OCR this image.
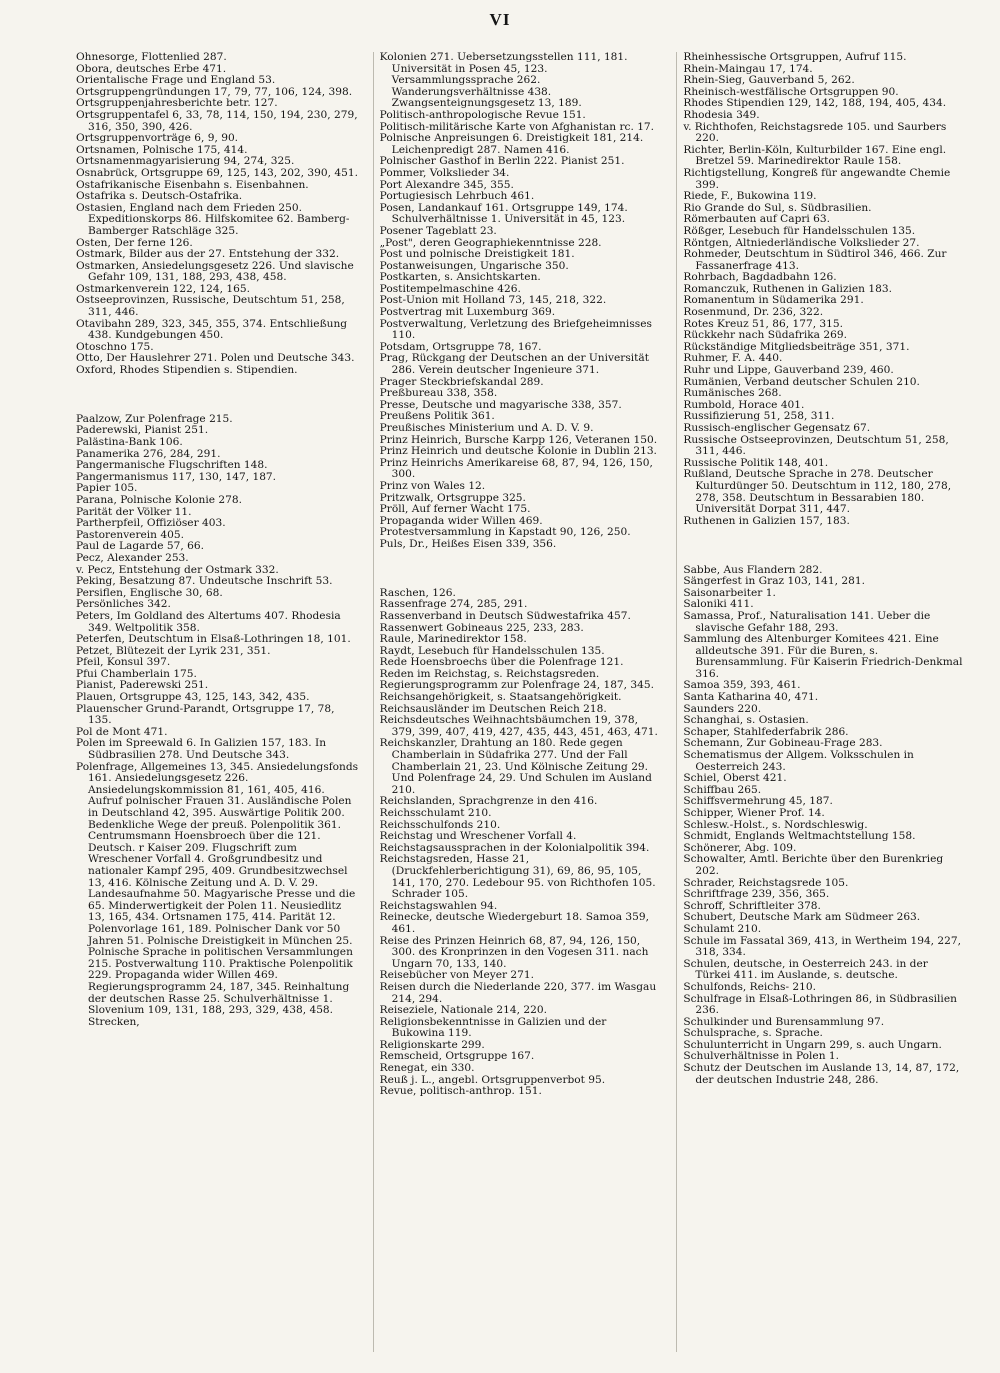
VI

Ohnesorge, Flottenlied 287.

Obora, deutsches Erbe 471.

Orientalische Frage und England 53.

Ortsgruppengründungen 17, 79, 77, 106, 124, 398.

Ortsgruppenjahresberichte betr. 127.

Ortsgruppentafel 6, 33, 78, 114, 150, 194, 230, 279, 316, 350, 390, 426.

Ortsgruppenvorträge 6, 9, 90.

Ortsnamen, Polnische 175, 414.

Ortsnamenmagyarisierung 94, 274, 325.

Osnabrück, Ortsgruppe 69, 125, 143, 202, 390, 451.

Ostafrikanische Eisenbahn s. Eisenbahnen.

Ostafrika s. Deutsch-Ostafrika.

Ostasien, England nach dem Frieden 250. Expeditionskorps 86. Hilfskomitee 62. Bamberg-Bamberger Ratschläge 325.

Osten, Der ferne 126.

Ostmark, Bilder aus der 27. Entstehung der 332.

Ostmarken, Ansiedelungsgesetz 226. Und slavische Gefahr 109, 131, 188, 293, 438, 458.

Ostmarkenverein 122, 124, 165.

Ostseeprovinzen, Russische, Deutschtum 51, 258, 311, 446.

Otavibahn 289, 323, 345, 355, 374. Entschließung 438. Kundgebungen 450.

Otoschno 175.

Otto, Der Hauslehrer 271. Polen und Deutsche 343.

Oxford, Rhodes Stipendien s. Stipendien.

Paalzow, Zur Polenfrage 215.

Paderewski, Pianist 251.

Palästina-Bank 106.

Panamerika 276, 284, 291.

Pangermanische Flugschriften 148.

Pangermanismus 117, 130, 147, 187.

Papier 105.

Parana, Polnische Kolonie 278.

Parität der Völker 11.

Partherpfeil, Offiziöser 403.

Pastorenverein 405.

Paul de Lagarde 57, 66.

Pecz, Alexander 253.

v. Pecz, Entstehung der Ostmark 332.

Peking, Besatzung 87. Undeutsche Inschrift 53.

Persiflen, Englische 30, 68.

Persönliches 342.

Peters, Im Goldland des Altertums 407. Rhodesia 349. Weltpolitik 358.

Peterfen, Deutschtum in Elsaß-Lothringen 18, 101.

Petzet, Blütezeit der Lyrik 231, 351.

Pfeil, Konsul 397.

Pfui Chamberlain 175.

Pianist, Paderewski 251.

Plauen, Ortsgruppe 43, 125, 143, 342, 435.

Plauenscher Grund-Parandt, Ortsgruppe 17, 78, 135.

Pol de Mont 471.

Polen im Spreewald 6. In Galizien 157, 183. In Südbrasilien 278. Und Deutsche 343.

Polenfrage, Allgemeines 13, 345. Ansiedelungsfonds 161. Ansiedelungsgesetz 226. Ansiedelungskommission 81, 161, 405, 416. Aufruf polnischer Frauen 31. Ausländische Polen in Deutschland 42, 395. Auswärtige Politik 200. Bedenkliche Wege der preuß. Polenpolitik 361. Centrumsmann Hoensbroech über die 121. Deutsch. r Kaiser 209. Flugschrift zum Wreschener Vorfall 4. Großgrundbesitz und nationaler Kampf 295, 409. Grundbesitzwechsel 13, 416. Kölnische Zeitung und A. D. V. 29. Landesaufnahme 50. Magyarische Presse und die 65. Minderwertigkeit der Polen 11. Neusiedlitz 13, 165, 434. Ortsnamen 175, 414. Parität 12. Polenvorlage 161, 189. Polnischer Dank vor 50 Jahren 51. Polnische Dreistigkeit in München 25. Polnische Sprache in politischen Versammlungen 215. Postverwaltung 110. Praktische Polenpolitik 229. Propaganda wider Willen 469. Regierungsprogramm 24, 187, 345. Reinhaltung der deutschen Rasse 25. Schulverhältnisse 1. Slovenium 109, 131, 188, 293, 329, 438, 458. Strecken,

Kolonien 271. Uebersetzungsstellen 111, 181. Universität in Posen 45, 123. Versammlungssprache 262. Wanderungsverhältnisse 438. Zwangsenteignungsgesetz 13, 189.

Politisch-anthropologische Revue 151.

Politisch-militärische Karte von Afghanistan rc. 17.

Polnische Anpreisungen 6. Dreistigkeit 181, 214. Leichenpredigt 287. Namen 416.

Polnischer Gasthof in Berlin 222. Pianist 251.

Pommer, Volkslieder 34.

Port Alexandre 345, 355.

Portugiesisch Lehrbuch 461.

Posen, Landankauf 161. Ortsgruppe 149, 174. Schulverhältnisse 1. Universität in 45, 123.

Posener Tageblatt 23.

„Post", deren Geographiekenntnisse 228.

Post und polnische Dreistigkeit 181.

Postanweisungen, Ungarische 350.

Postkarten, s. Ansichtskarten.

Postitempelmaschine 426.

Post-Union mit Holland 73, 145, 218, 322.

Postvertrag mit Luxemburg 369.

Postverwaltung, Verletzung des Briefgeheimnisses 110.

Potsdam, Ortsgruppe 78, 167.

Prag, Rückgang der Deutschen an der Universität 286. Verein deutscher Ingenieure 371.

Prager Steckbriefskandal 289.

Preßbureau 338, 358.

Presse, Deutsche und magyarische 338, 357.

Preußens Politik 361.

Preußisches Ministerium und A. D. V. 9.

Prinz Heinrich, Bursche Karpp 126, Veteranen 150.

Prinz Heinrich und deutsche Kolonie in Dublin 213.

Prinz Heinrichs Amerikareise 68, 87, 94, 126, 150, 300.

Prinz von Wales 12.

Pritzwalk, Ortsgruppe 325.

Pröll, Auf ferner Wacht 175.

Propaganda wider Willen 469.

Protestversammlung in Kapstadt 90, 126, 250.

Puls, Dr., Heißes Eisen 339, 356.

Raschen, 126.

Rassenfrage 274, 285, 291.

Rassenverband in Deutsch Südwestafrika 457.

Rassenwert Gobineaus 225, 233, 283.

Raule, Marinedirektor 158.

Raydt, Lesebuch für Handelsschulen 135.

Rede Hoensbroechs über die Polenfrage 121.

Reden im Reichstag, s. Reichstagsreden.

Regierungsprogramm zur Polenfrage 24, 187, 345.

Reichsangehörigkeit, s. Staatsangehörigkeit.

Reichsausländer im Deutschen Reich 218.

Reichsdeutsches Weihnachtsbäumchen 19, 378, 379, 399, 407, 419, 427, 435, 443, 451, 463, 471.

Reichskanzler, Drahtung an 180. Rede gegen Chamberlain in Südafrika 277. Und der Fall Chamberlain 21, 23. Und Kölnische Zeitung 29. Und Polenfrage 24, 29. Und Schulen im Ausland 210.

Reichslanden, Sprachgrenze in den 416.

Reichsschulamt 210.

Reichsschulfonds 210.

Reichstag und Wreschener Vorfall 4.

Reichstagsaussprachen in der Kolonialpolitik 394.

Reichstagsreden, Hasse 21, (Druckfehlerberichtigung 31), 69, 86, 95, 105, 141, 170, 270. Ledebour 95. von Richthofen 105. Schrader 105.

Reichstagswahlen 94.

Reinecke, deutsche Wiedergeburt 18. Samoa 359, 461.

Reise des Prinzen Heinrich 68, 87, 94, 126, 150, 300. des Kronprinzen in den Vogesen 311. nach Ungarn 70, 133, 140.

Reisebücher von Meyer 271.

Reisen durch die Niederlande 220, 377. im Wasgau 214, 294.

Reiseziele, Nationale 214, 220.

Religionsbekenntnisse in Galizien und der Bukowina 119.

Religionskarte 299.

Remscheid, Ortsgruppe 167.

Renegat, ein 330.

Reuß j. L., angebl. Ortsgruppenverbot 95.

Revue, politisch-anthrop. 151.

Rheinhessische Ortsgruppen, Aufruf 115.

Rhein-Maingau 17, 174.

Rhein-Sieg, Gauverband 5, 262.

Rheinisch-westfälische Ortsgruppen 90.

Rhodes Stipendien 129, 142, 188, 194, 405, 434.

Rhodesia 349.

v. Richthofen, Reichstagsrede 105. und Saurbers 220.

Richter, Berlin-Köln, Kulturbilder 167. Eine engl. Bretzel 59. Marinedirektor Raule 158.

Richtigstellung, Kongreß für angewandte Chemie 399.

Riede, F., Bukowina 119.

Rio Grande do Sul, s. Südbrasilien.

Römerbauten auf Capri 63.

Rößger, Lesebuch für Handelsschulen 135.

Röntgen, Altniederländische Volkslieder 27.

Rohmeder, Deutschtum in Südtirol 346, 466. Zur Fassanerfrage 413.

Rohrbach, Bagdadbahn 126.

Romanczuk, Ruthenen in Galizien 183.

Romanentum in Südamerika 291.

Rosenmund, Dr. 236, 322.

Rotes Kreuz 51, 86, 177, 315.

Rückkehr nach Südafrika 269.

Rückständige Mitgliedsbeiträge 351, 371.

Ruhmer, F. A. 440.

Ruhr und Lippe, Gauverband 239, 460.

Rumänien, Verband deutscher Schulen 210.

Rumänisches 268.

Rumbold, Horace 401.

Russifizierung 51, 258, 311.

Russisch-englischer Gegensatz 67.

Russische Ostseeprovinzen, Deutschtum 51, 258, 311, 446.

Russische Politik 148, 401.

Rußland, Deutsche Sprache in 278. Deutscher Kulturdünger 50. Deutschtum in 112, 180, 278, 278, 358. Deutschtum in Bessarabien 180. Universität Dorpat 311, 447.

Ruthenen in Galizien 157, 183.

Sabbe, Aus Flandern 282.

Sängerfest in Graz 103, 141, 281.

Saisonarbeiter 1.

Saloniki 411.

Samassa, Prof., Naturalisation 141. Ueber die slavische Gefahr 188, 293.

Sammlung des Altenburger Komitees 421. Eine alldeutsche 391. Für die Buren, s. Burensammlung. Für Kaiserin Friedrich-Denkmal 316.

Samoa 359, 393, 461.

Santa Katharina 40, 471.

Saunders 220.

Schanghai, s. Ostasien.

Schaper, Stahlfederfabrik 286.

Schemann, Zur Gobineau-Frage 283.

Schematismus der Allgem. Volksschulen in Oesterreich 243.

Schiel, Oberst 421.

Schiffbau 265.

Schiffsvermehrung 45, 187.

Schipper, Wiener Prof. 14.

Schlesw.-Holst., s. Nordschleswig.

Schmidt, Englands Weltmachtstellung 158.

Schönerer, Abg. 109.

Schowalter, Amtl. Berichte über den Burenkrieg 202.

Schrader, Reichstagsrede 105.

Schriftfrage 239, 356, 365.

Schroff, Schriftleiter 378.

Schubert, Deutsche Mark am Südmeer 263.

Schulamt 210.

Schule im Fassatal 369, 413, in Wertheim 194, 227, 318, 334.

Schulen, deutsche, in Oesterreich 243. in der Türkei 411. im Auslande, s. deutsche.

Schulfonds, Reichs- 210.

Schulfrage in Elsaß-Lothringen 86, in Südbrasilien 236.

Schulkinder und Burensammlung 97.

Schulsprache, s. Sprache.

Schulunterricht in Ungarn 299, s. auch Ungarn.

Schulverhältnisse in Polen 1.

Schutz der Deutschen im Auslande 13, 14, 87, 172, der deutschen Industrie 248, 286.
